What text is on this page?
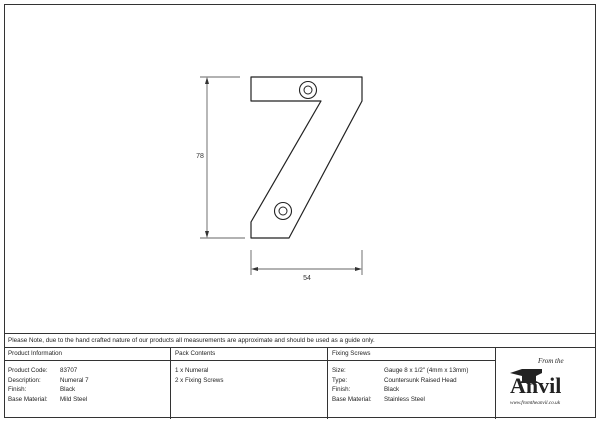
78
54
Please Note, due to the hand crafted nature of our products all measurements are approximate and should be used as a guide only.
Product Information
Product Code: 83707
Description:	Numeral 7
Finish:	Black
Base Material: Mild Steel
Pack Contents
1 x Numeral
2 x Fixing Screws
Fixing Screws
Size:	Gauge 8 x 1/2" (4mm x 13mm)
Type:	Countersunk Raised Head
Finish:	Black
Base Material: Stainless Steel
From the
Anvil
www.fromtheanvil.co.uk
